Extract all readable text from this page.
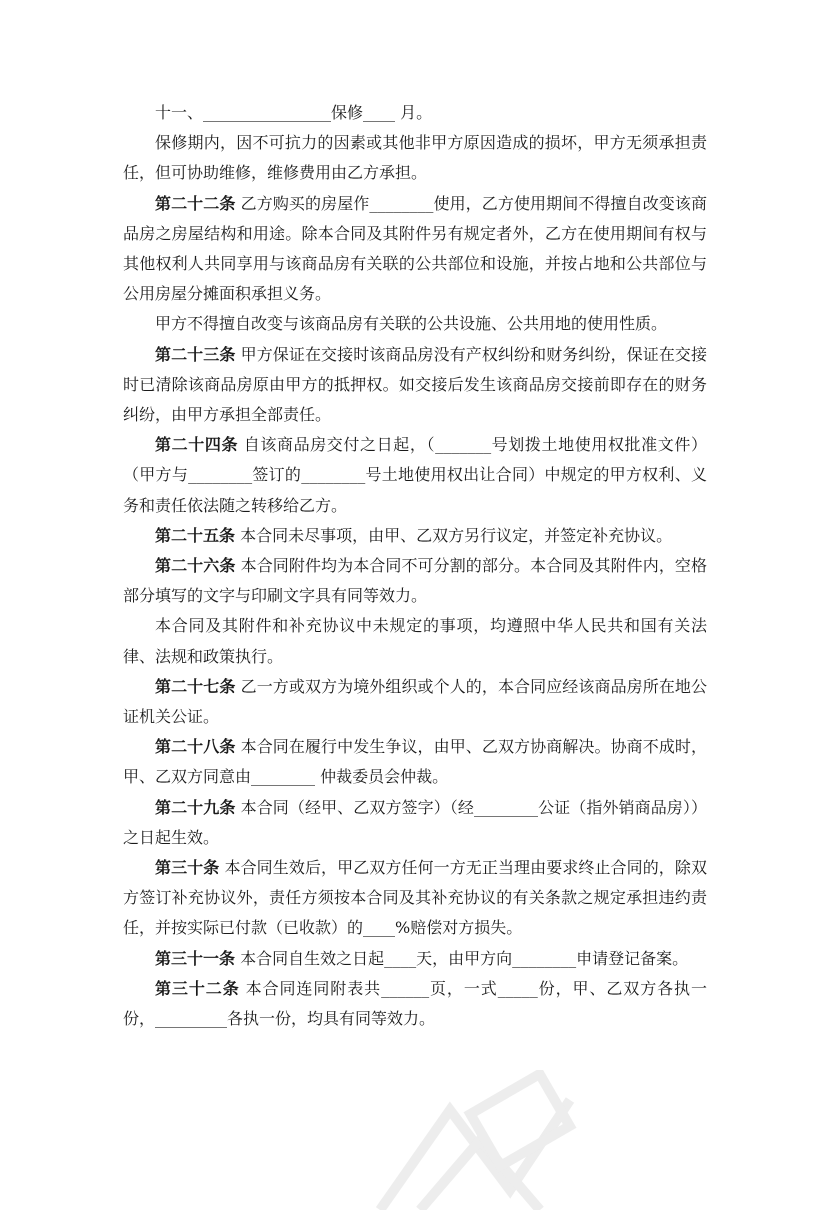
十一、________________保修____ 月。

保修期内，因不可抗力的因素或其他非甲方原因造成的损坏，甲方无须承担责任，但可协助维修，维修费用由乙方承担。

第二十二条 乙方购买的房屋作________使用，乙方使用期间不得擅自改变该商品房之房屋结构和用途。除本合同及其附件另有规定者外，乙方在使用期间有权与其他权利人共同享用与该商品房有关联的公共部位和设施，并按占地和公共部位与公用房屋分摊面积承担义务。

甲方不得擅自改变与该商品房有关联的公共设施、公共用地的使用性质。

第二十三条 甲方保证在交接时该商品房没有产权纠纷和财务纠纷，保证在交接时已清除该商品房原由甲方的抵押权。如交接后发生该商品房交接前即存在的财务纠纷，由甲方承担全部责任。

第二十四条 自该商品房交付之日起，（_______号划拨土地使用权批准文件）（甲方与________签订的________号土地使用权出让合同）中规定的甲方权利、义务和责任依法随之转移给乙方。

第二十五条 本合同未尽事项，由甲、乙双方另行议定，并签定补充协议。

第二十六条 本合同附件均为本合同不可分割的部分。本合同及其附件内，空格部分填写的文字与印刷文字具有同等效力。

本合同及其附件和补充协议中未规定的事项，均遵照中华人民共和国有关法律、法规和政策执行。

第二十七条 乙一方或双方为境外组织或个人的，本合同应经该商品房所在地公证机关公证。

第二十八条 本合同在履行中发生争议，由甲、乙双方协商解决。协商不成时，甲、乙双方同意由________ 仲裁委员会仲裁。

第二十九条 本合同（经甲、乙双方签字）（经________公证（指外销商品房））之日起生效。

第三十条 本合同生效后，甲乙双方任何一方无正当理由要求终止合同的，除双方签订补充协议外，责任方须按本合同及其补充协议的有关条款之规定承担违约责任，并按实际已付款（已收款）的____%赔偿对方损失。

第三十一条 本合同自生效之日起____天，由甲方向________申请登记备案。

第三十二条 本合同连同附表共______页，一式_____份，甲、乙双方各执一份，_________各执一份，均具有同等效力。
